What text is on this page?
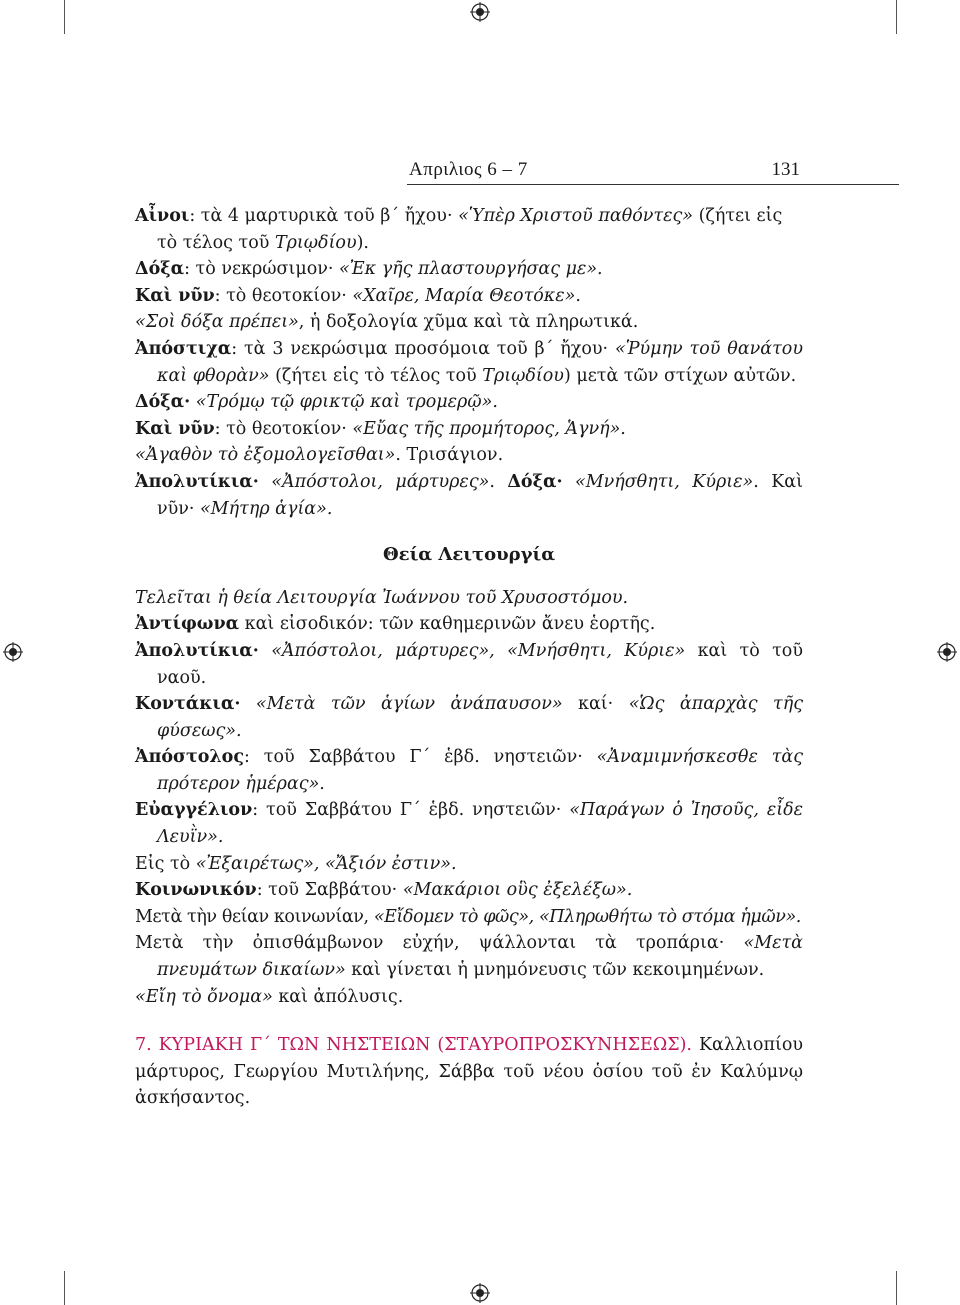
Απριλιος 6 – 7	131

Αἶνοι: τὰ 4 μαρτυρικὰ τοῦ β´ ἤχου· «Ὑπὲρ Χριστοῦ παθόντες» (ζήτει εἰς τὸ τέλος τοῦ Τριῳδίου).

Δόξα: τὸ νεκρώσιμον· «Ἐκ γῆς πλαστουργήσας με».

Καὶ νῦν: τὸ θεοτοκίον· «Χαῖρε, Μαρία Θεοτόκε».

«Σοὶ δόξα πρέπει», ἡ δοξολογία χῦμα καὶ τὰ πληρωτικά.

Ἀπόστιχα: τὰ 3 νεκρώσιμα προσόμοια τοῦ β´ ἤχου· «Ῥύμην τοῦ θανάτου καὶ φθορὰν» (ζήτει εἰς τὸ τέλος τοῦ Τριῳδίου) μετὰ τῶν στίχων αὐτῶν.

Δόξα· «Τρόμῳ τῷ φρικτῷ καὶ τρομερῷ».

Καὶ νῦν: τὸ θεοτοκίον· «Εὔας τῆς προμήτορος, Ἁγνή».

«Ἀγαθὸν τὸ ἐξομολογεῖσθαι». Τρισάγιον.

Ἀπολυτίκια· «Ἀπόστολοι, μάρτυρες». Δόξα· «Μνήσθητι, Κύριε». Καὶ νῦν· «Μήτηρ ἁγία».

Θεία Λειτουργία

Τελεῖται ἡ θεία Λειτουργία Ἰωάννου τοῦ Χρυσοστόμου.

Ἀντίφωνα καὶ εἰσοδικόν: τῶν καθημερινῶν ἄνευ ἑορτῆς.

Ἀπολυτίκια· «Ἀπόστολοι, μάρτυρες», «Μνήσθητι, Κύριε» καὶ τὸ τοῦ ναοῦ.

Κοντάκια· «Μετὰ τῶν ἁγίων ἀνάπαυσον» καί· «Ὡς ἀπαρχὰς τῆς φύσεως».

Ἀπόστολος: τοῦ Σαββάτου Γ´ ἑβδ. νηστειῶν· «Ἀναμιμνήσκεσθε τὰς πρότερον ἡμέρας».

Εὐαγγέλιον: τοῦ Σαββάτου Γ´ ἑβδ. νηστειῶν· «Παράγων ὁ Ἰησοῦς, εἶδε Λευῒν».

Εἰς τὸ «Ἐξαιρέτως», «Ἄξιόν ἐστιν».

Κοινωνικόν: τοῦ Σαββάτου· «Μακάριοι οὓς ἐξελέξω».

Μετὰ τὴν θείαν κοινωνίαν, «Εἴδομεν τὸ φῶς», «Πληρωθήτω τὸ στόμα ἡμῶν».

Μετὰ τὴν ὀπισθάμβωνον εὐχήν, ψάλλονται τὰ τροπάρια· «Μετὰ πνευμάτων δικαίων» καὶ γίνεται ἡ μνημόνευσις τῶν κεκοιμημένων.

«Εἴη τὸ ὄνομα» καὶ ἀπόλυσις.

7. ΚΥΡΙΑΚΗ Γ´ ΤΩΝ ΝΗΣΤΕΙΩΝ (ΣΤΑΥΡΟΠΡΟΣΚΥΝΗΣΕΩΣ). Καλλιοπίου μάρτυρος, Γεωργίου Μυτιλήνης, Σάββα τοῦ νέου ὁσίου τοῦ ἐν Καλύμνῳ ἀσκήσαντος.
